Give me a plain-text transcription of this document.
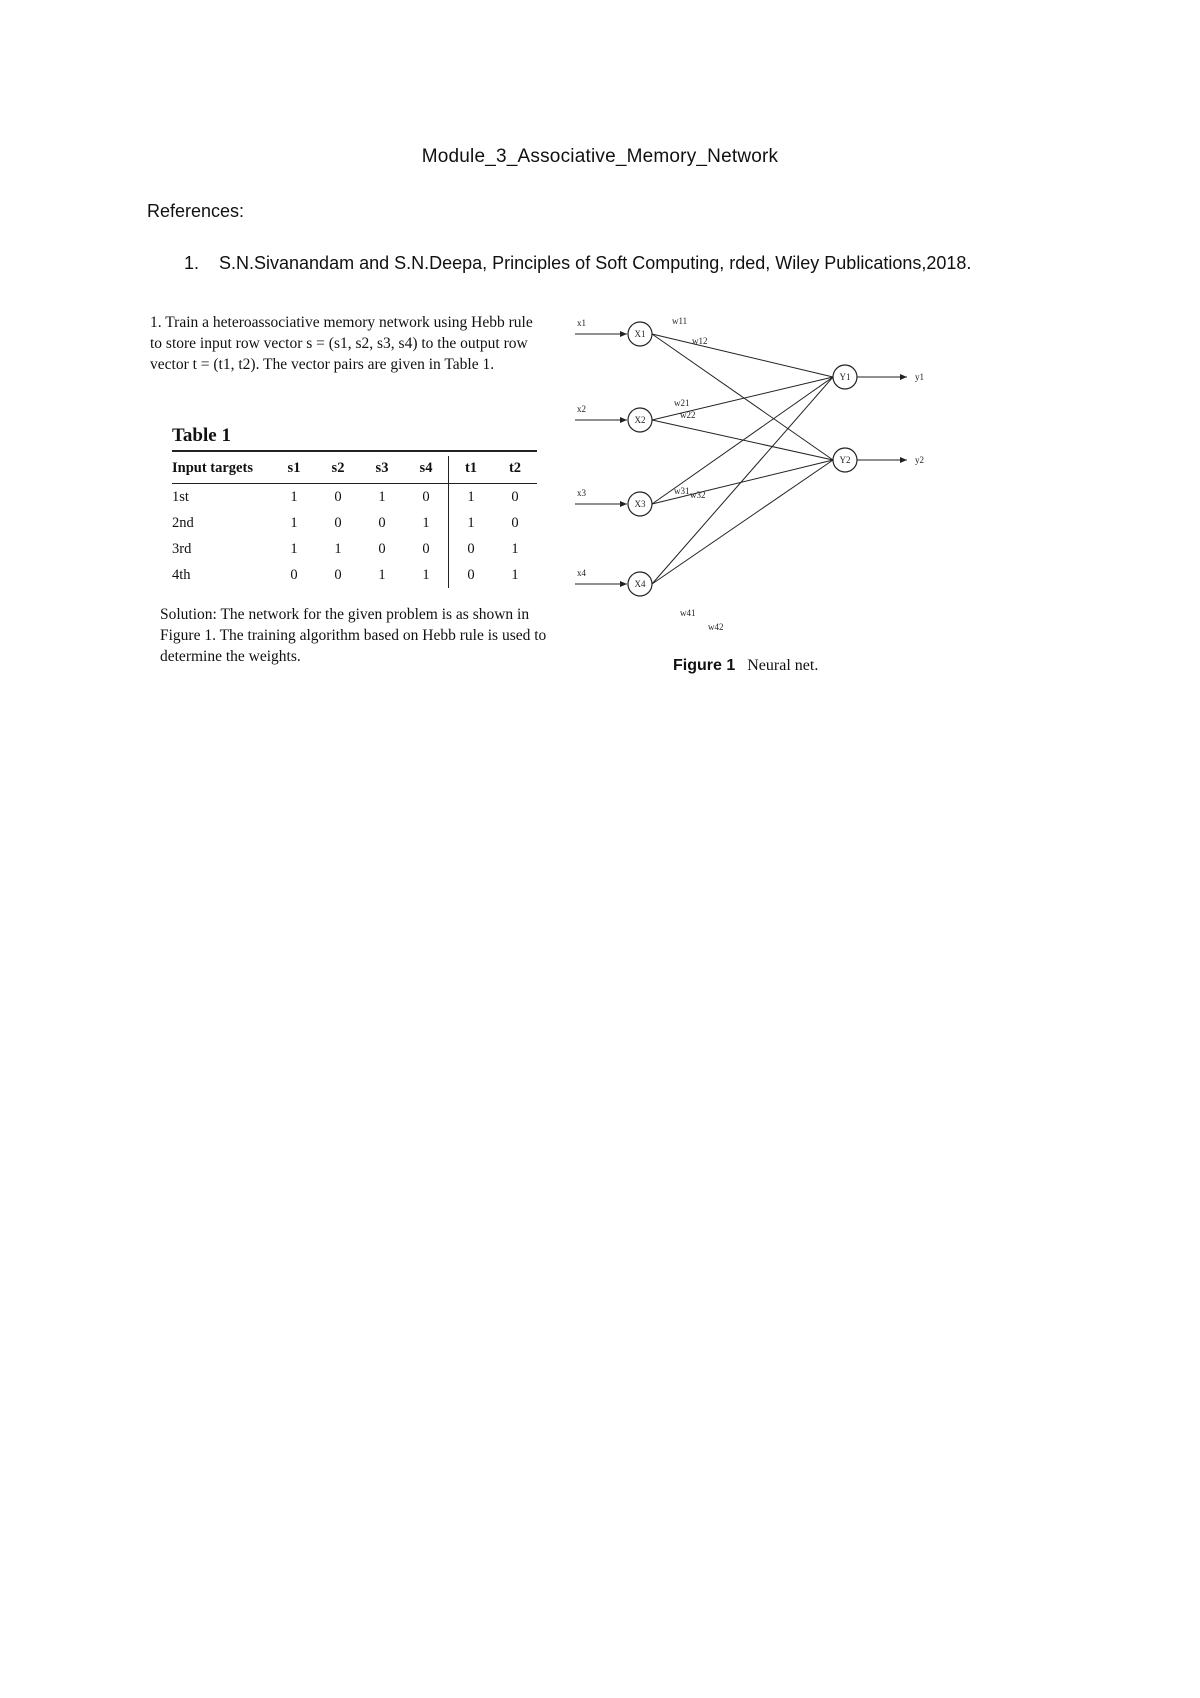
Module_3_Associative_Memory_Network
References:
1. S.N.Sivanandam and S.N.Deepa, Principles of Soft Computing, rded, Wiley Publications,2018.
1. Train a heteroassociative memory network using Hebb rule to store input row vector s = (s1, s2, s3, s4) to the output row vector t = (t1, t2). The vector pairs are given in Table 1.
Table 1
Input targets	s1	s2	s3	s4	t1	t2
1st	1	0	1	0	1	0
2nd	1	0	0	1	1	0
3rd	1	1	0	0	0	1
4th	0	0	1	1	0	1
Solution: The network for the given problem is as shown in Figure 1. The training algorithm based on Hebb rule is used to determine the weights.
X1
X2
X3
X4
Y1
Y2
w11
w12
w21
w22
w31 w32
w41
w42
x1
x2
x3
x4
y1
y2
Figure 1 Neural net.
